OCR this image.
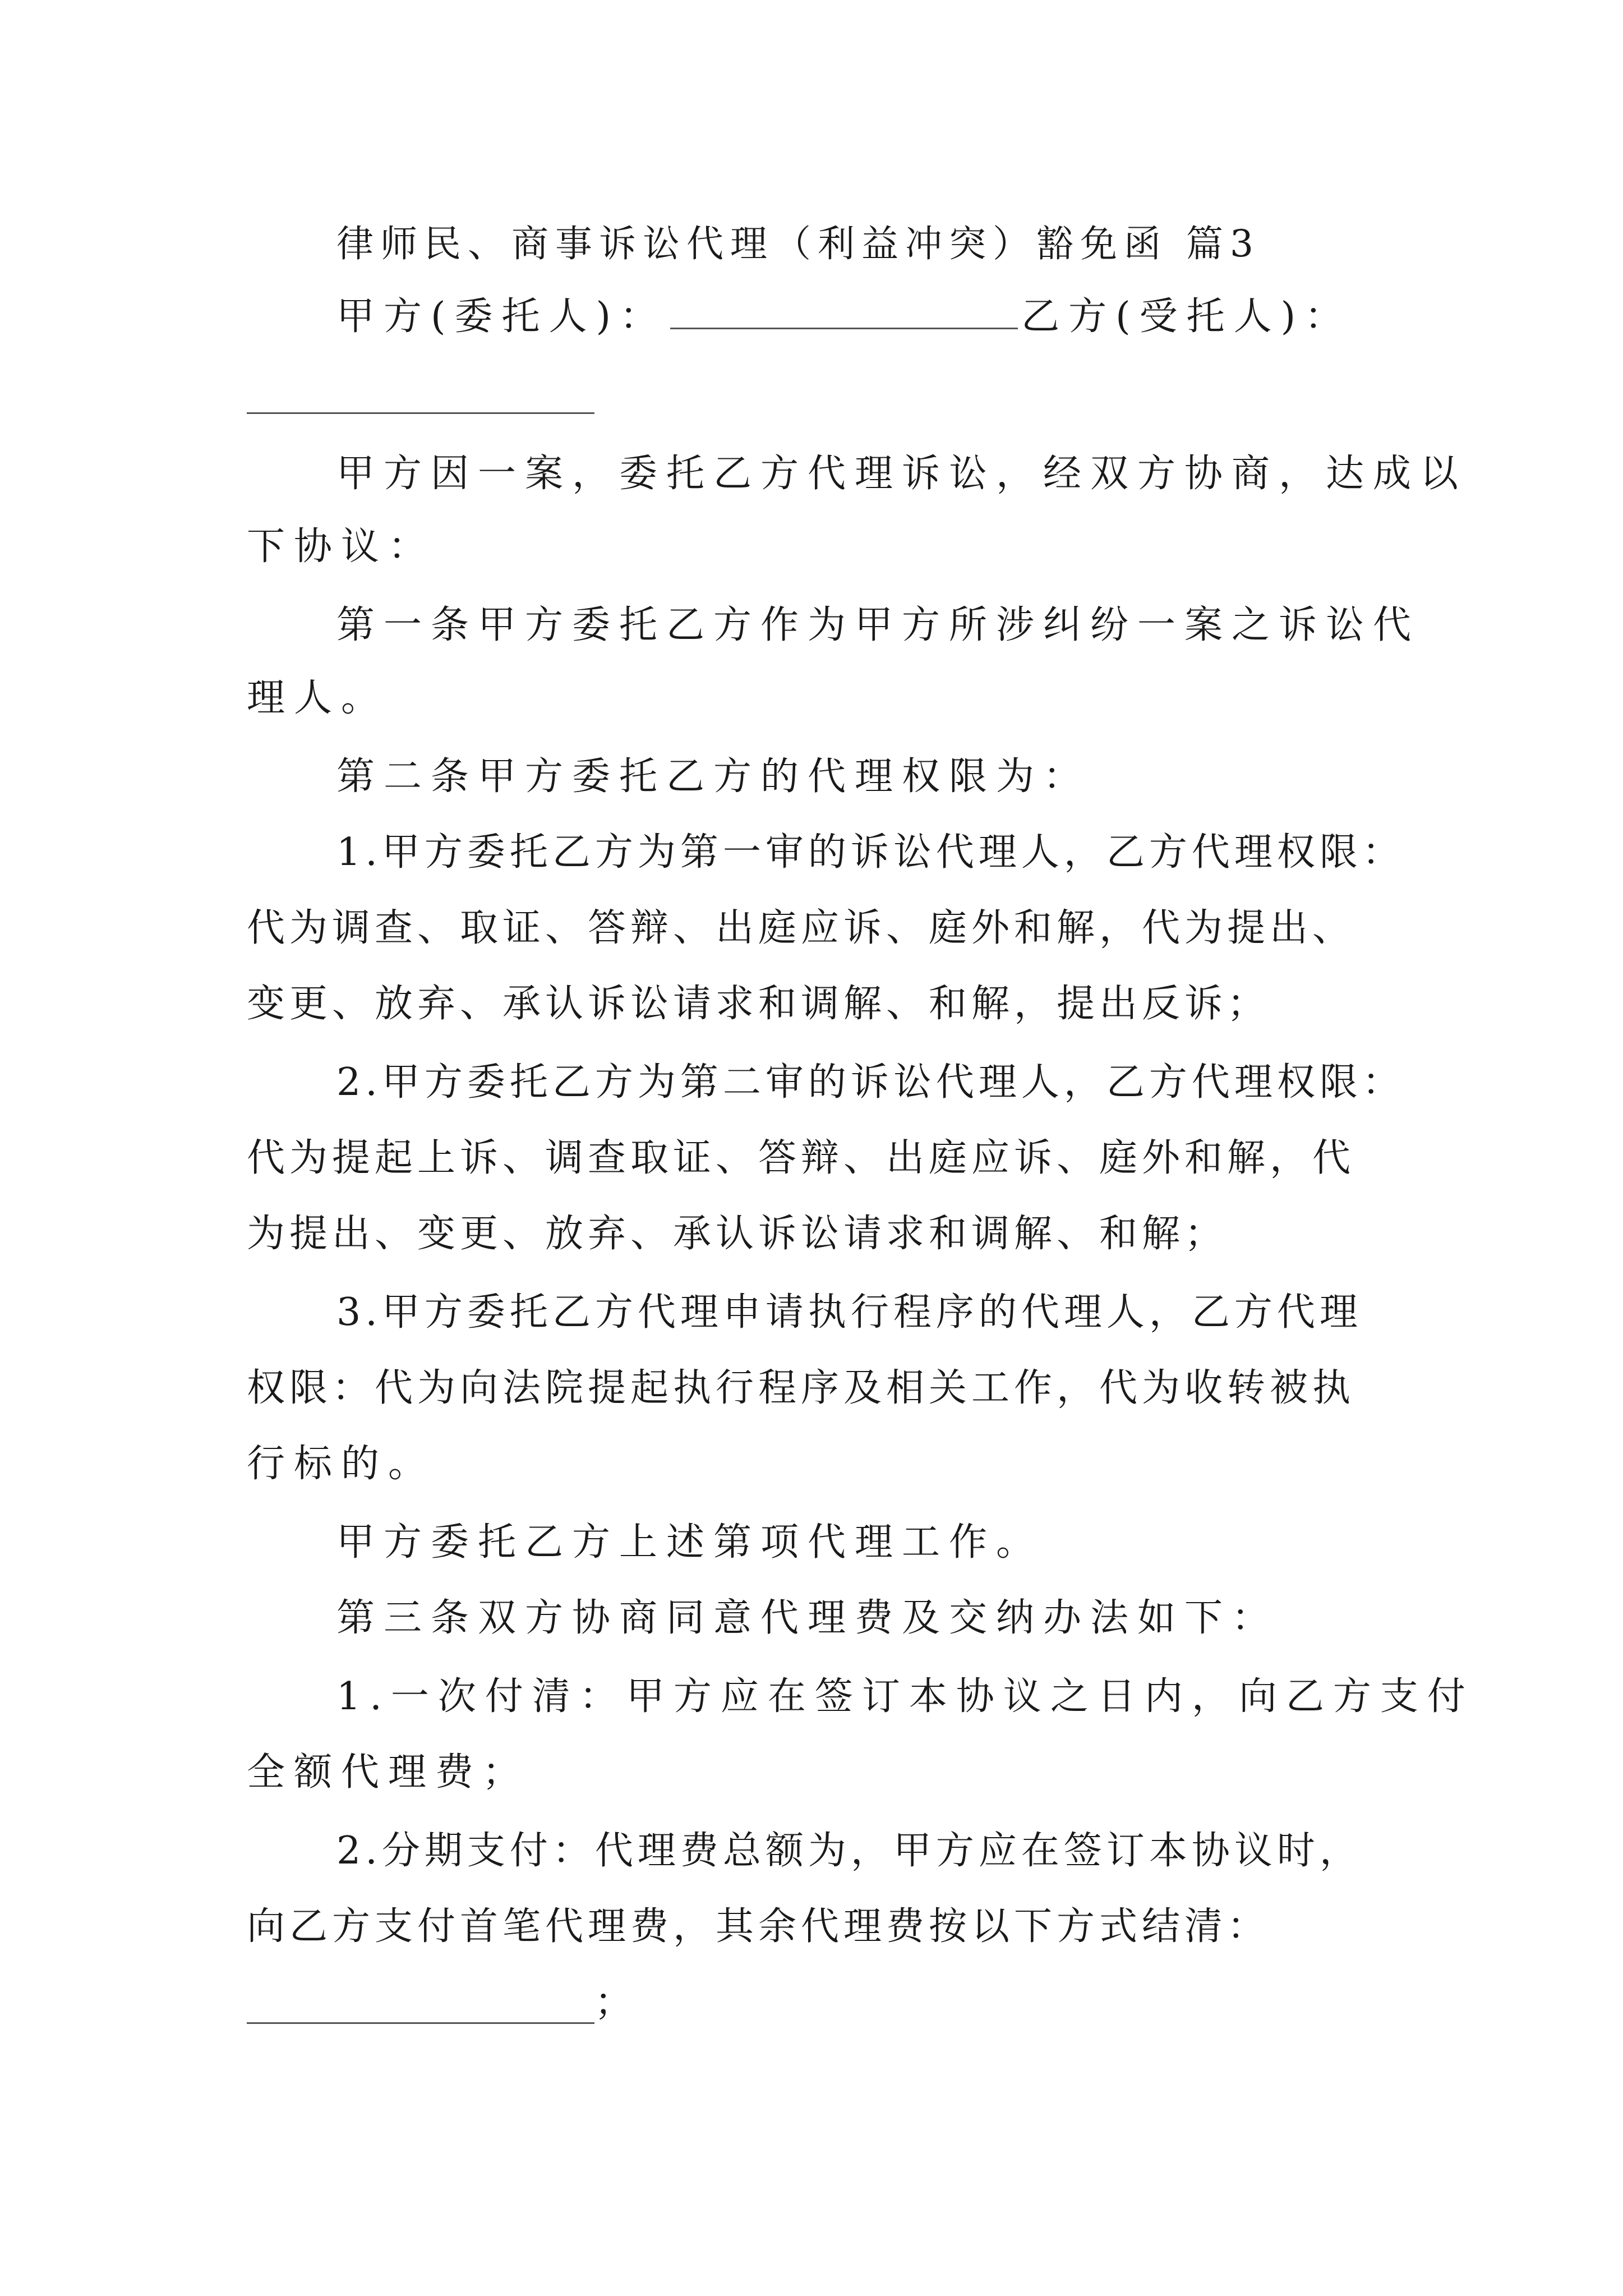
律师民、商事诉讼代理（利益冲突）豁免函 篇3
甲方(委托人)：	乙方(受托人)：
甲方因一案，委托乙方代理诉讼，经双方协商，达成以
下协议：
第一条甲方委托乙方作为甲方所涉纠纷一案之诉讼代
理人。
第二条甲方委托乙方的代理权限为：
1.甲方委托乙方为第一审的诉讼代理人，乙方代理权限：
代为调查、取证、答辩、出庭应诉、庭外和解，代为提出、
变更、放弃、承认诉讼请求和调解、和解，提出反诉；
2.甲方委托乙方为第二审的诉讼代理人，乙方代理权限：
代为提起上诉、调查取证、答辩、出庭应诉、庭外和解，代
为提出、变更、放弃、承认诉讼请求和调解、和解；
3.甲方委托乙方代理申请执行程序的代理人，乙方代理
权限：代为向法院提起执行程序及相关工作，代为收转被执
行标的。
甲方委托乙方上述第项代理工作。
第三条双方协商同意代理费及交纳办法如下：
1.一次付清：甲方应在签订本协议之日内，向乙方支付
全额代理费；
2.分期支付：代理费总额为，甲方应在签订本协议时，
向乙方支付首笔代理费，其余代理费按以下方式结清：
；
